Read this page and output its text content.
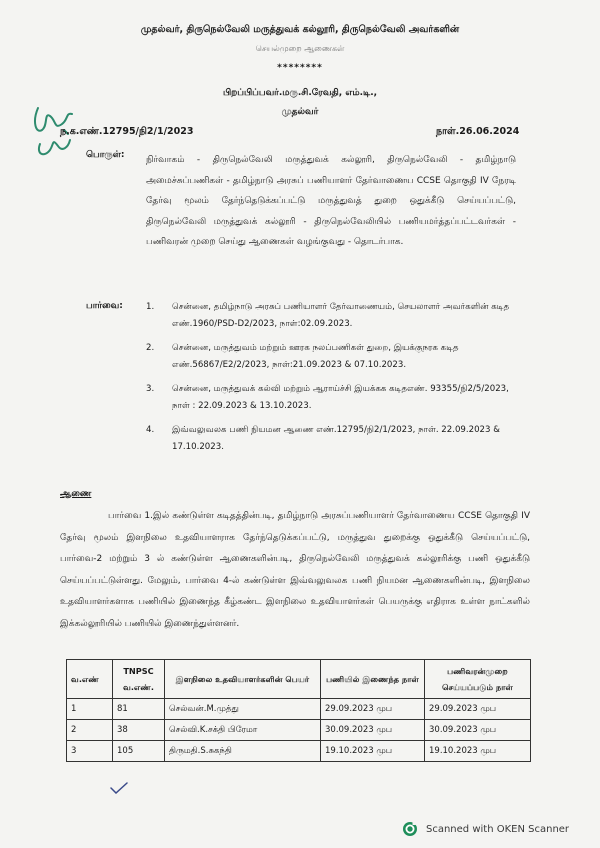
முதல்வர், திருநெல்வேலி மருத்துவக் கல்லூரி, திருநெல்வேலி அவர்களின்
செயல்முறை ஆணைகள்
********
பிறப்பிப்பவர்.மரு.சி.ரேவதி, எம்.டி.,
முதல்வர்
ந.க.எண்.12795/நி2/1/2023	நாள்.26.06.2024
பொருள்: நிர்வாகம் - திருநெல்வேலி மருத்துவக் கல்லூரி, திருநெல்வேலி - தமிழ்நாடு அமைச்சுப்பணிகள் - தமிழ்நாடு அரசுப் பணியாளர் தேர்வாணைய CCSE தொகுதி IV நேரடி தேர்வு மூலம் தேர்ந்தெடுக்கப்பட்டு மருத்துவத் துறை ஒதுக்கீடு செய்யப்பட்டு, திருநெல்வேலி மருத்துவக் கல்லூரி - திருநெல்வேலியில் பணியமர்த்தப்பட்டவர்கள் - பணிவரன் முறை செய்து ஆணைகள் வழங்குவது - தொடர்பாக.
பார்வை:	1. சென்னை, தமிழ்நாடு அரசுப் பணியாளர் தேர்வாணையம், செயலாளர் அவர்களின் கடித எண்.1960/PSD-D2/2023, நாள்:02.09.2023.
2. சென்னை, மருத்துவம் மற்றும் ஊரக நலப்பணிகள் துறை, இயக்குநரக கடித எண்.56867/E2/2/2023, நாள்:21.09.2023 & 07.10.2023.
3. சென்னை, மருத்துவக் கல்வி மற்றும் ஆராய்ச்சி இயக்கக கடிதஎண். 93355/நி2/5/2023, நாள் : 22.09.2023 & 13.10.2023.
4. இவ்வலுவலக பணி நியமன ஆணை எண்.12795/நி2/1/2023, நாள். 22.09.2023 & 17.10.2023.
ஆணை
பார்வை 1.இல் கண்டுள்ள கடிதத்தின்படி, தமிழ்நாடு அரசுப்பணியாளர் தேர்வாணைய CCSE தொகுதி IV தேர்வு மூலம் இளநிலை உதவியாளராக தேர்ந்தெடுக்கப்பட்டு, மருத்துவ துறைக்கு ஒதுக்கீடு செய்யப்பட்டு, பார்வை-2 மற்றும் 3 ல் கண்டுள்ள ஆணைகளின்படி, திருநெல்வேலி மருத்துவக் கல்லூரிக்கு பணி ஒதுக்கீடு செய்யப்பட்டுள்ளது. மேலும், பார்வை 4-ல் கண்டுள்ள இவ்வலுவலக பணி நியமன ஆணைகளின்படி, இளநிலை உதவியாளர்களாக பணியில் இணைந்த கீழ்கண்ட இளநிலை உதவியாளர்கள் பெயருக்கு எதிராக உள்ள நாட்களில் இக்கல்லூரியில் பணியில் இணைந்துள்ளனர்.
வ.எண்	TNPSC வ.எண்.	இளநிலை உதவியாளர்களின் பெயர்	பணியில் இணைந்த நாள்	பணிவரன்முறை செய்யப்படும் நாள்
1	81	செல்வன்.M.முத்து	29.09.2023 முப	29.09.2023 முப
2	38	செல்வி.K.சக்தி பிரேமா	30.09.2023 முப	30.09.2023 முப
3	105	திருமதி.S.சுகந்தி	19.10.2023 முப	19.10.2023 முப
Scanned with OKEN Scanner
